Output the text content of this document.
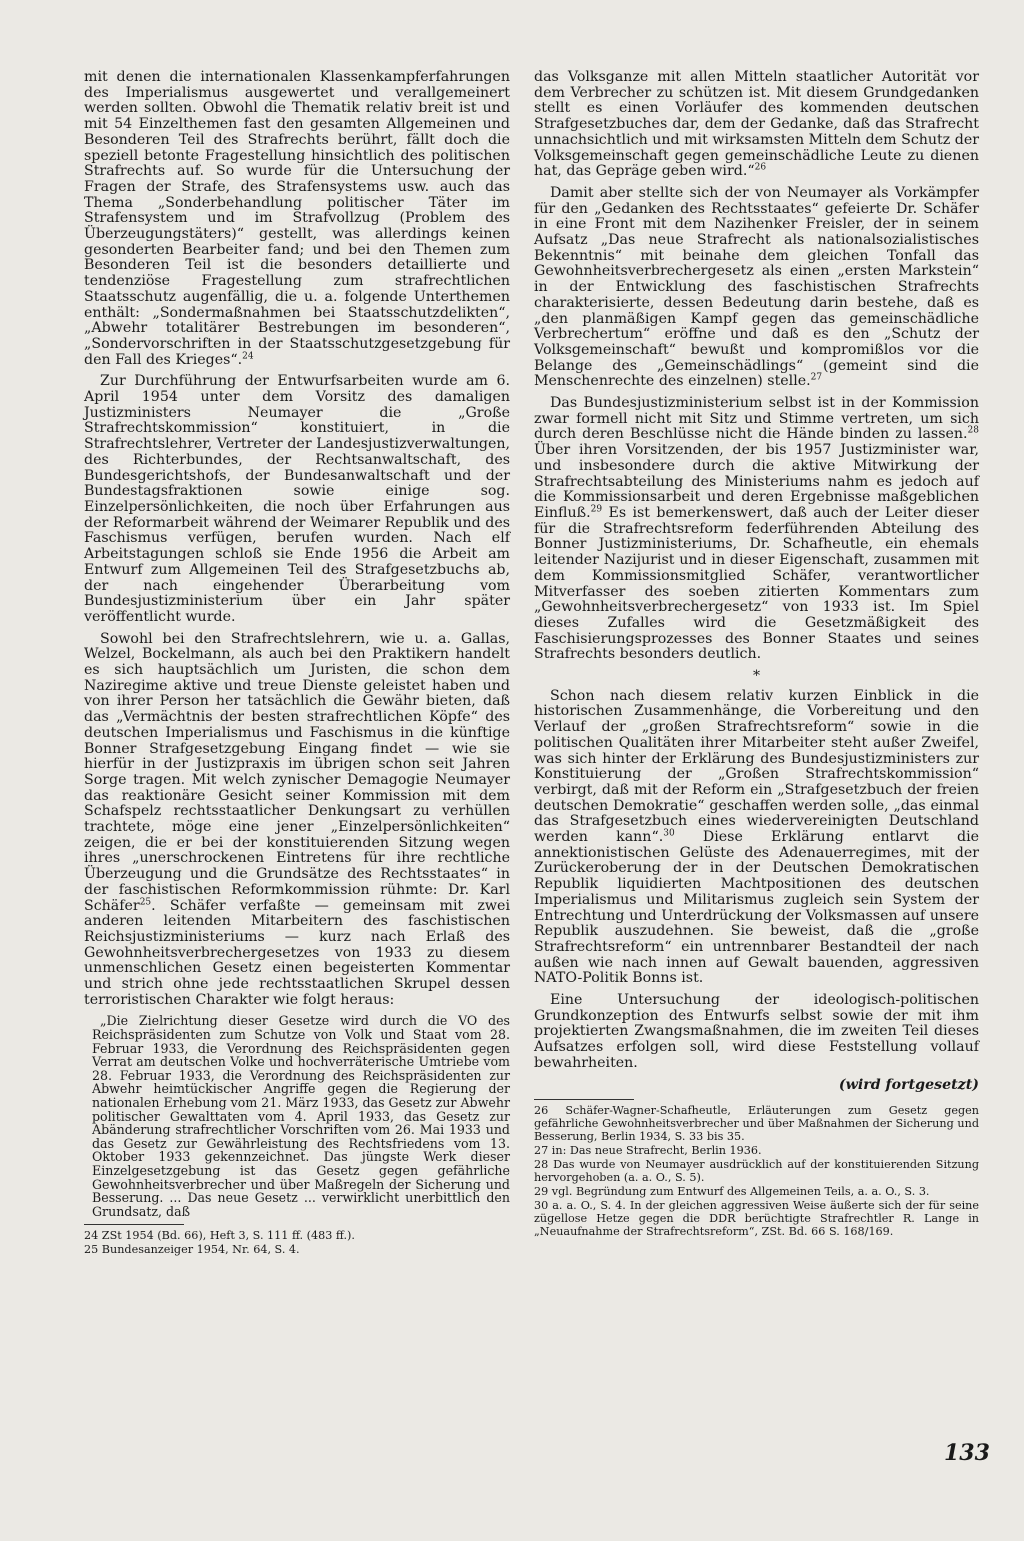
mit denen die internationalen Klassenkampferfahrungen des Imperialismus ausgewertet und verallgemeinert werden sollten. Obwohl die Thematik relativ breit ist und mit 54 Einzelthemen fast den gesamten Allgemeinen und Besonderen Teil des Strafrechts berührt, fällt doch die speziell betonte Fragestellung hinsichtlich des politischen Strafrechts auf. So wurde für die Untersuchung der Fragen der Strafe, des Strafensystems usw. auch das Thema „Sonderbehandlung politischer Täter im Strafensystem und im Strafvollzug (Problem des Überzeugungstäters)“ gestellt, was allerdings keinen gesonderten Bearbeiter fand; und bei den Themen zum Besonderen Teil ist die besonders detaillierte und tendenziöse Fragestellung zum strafrechtlichen Staatsschutz augenfällig, die u. a. folgende Unterthemen enthält: „Sondermaßnahmen bei Staatsschutzdelikten“, „Abwehr totalitärer Bestrebungen im besonderen“, „Sondervorschriften in der Staatsschutzgesetzgebung für den Fall des Krieges“.$^{24}$

Zur Durchführung der Entwurfsarbeiten wurde am 6. April 1954 unter dem Vorsitz des damaligen Justizministers Neumayer die „Große Strafrechtskommission“ konstituiert, in die Strafrechtslehrer, Vertreter der Landesjustizverwaltungen, des Richterbundes, der Rechtsanwaltschaft, des Bundesgerichtshofs, der Bundesanwaltschaft und der Bundestagsfraktionen sowie einige sog. Einzelpersönlichkeiten, die noch über Erfahrungen aus der Reformarbeit während der Weimarer Republik und des Faschismus verfügen, berufen wurden. Nach elf Arbeitstagungen schloß sie Ende 1956 die Arbeit am Entwurf zum Allgemeinen Teil des Strafgesetzbuchs ab, der nach eingehender Überarbeitung vom Bundesjustizministerium über ein Jahr später veröffentlicht wurde.

Sowohl bei den Strafrechtslehrern, wie u. a. Gallas, Welzel, Bockelmann, als auch bei den Praktikern handelt es sich hauptsächlich um Juristen, die schon dem Naziregime aktive und treue Dienste geleistet haben und von ihrer Person her tatsächlich die Gewähr bieten, daß das „Vermächtnis der besten strafrechtlichen Köpfe“ des deutschen Imperialismus und Faschismus in die künftige Bonner Strafgesetzgebung Eingang findet — wie sie hierfür in der Justizpraxis im übrigen schon seit Jahren Sorge tragen. Mit welch zynischer Demagogie Neumayer das reaktionäre Gesicht seiner Kommission mit dem Schafspelz rechtsstaatlicher Denkungsart zu verhüllen trachtete, möge eine jener „Einzelpersönlichkeiten“ zeigen, die er bei der konstituierenden Sitzung wegen ihres „unerschrockenen Eintretens für ihre rechtliche Überzeugung und die Grundsätze des Rechtsstaates“ in der faschistischen Reformkommission rühmte: Dr. Karl Schäfer$^{25}$. Schäfer verfaßte — gemeinsam mit zwei anderen leitenden Mitarbeitern des faschistischen Reichsjustizministeriums — kurz nach Erlaß des Gewohnheitsverbrechergesetzes von 1933 zu diesem unmenschlichen Gesetz einen begeisterten Kommentar und strich ohne jede rechtsstaatlichen Skrupel dessen terroristischen Charakter wie folgt heraus:

„Die Zielrichtung dieser Gesetze wird durch die VO des Reichspräsidenten zum Schutze von Volk und Staat vom 28. Februar 1933, die Verordnung des Reichspräsidenten gegen Verrat am deutschen Volke und hochverräterische Umtriebe vom 28. Februar 1933, die Verordnung des Reichspräsidenten zur Abwehr heimtückischer Angriffe gegen die Regierung der nationalen Erhebung vom 21. März 1933, das Gesetz zur Abwehr politischer Gewalttaten vom 4. April 1933, das Gesetz zur Abänderung strafrechtlicher Vorschriften vom 26. Mai 1933 und das Gesetz zur Gewährleistung des Rechtsfriedens vom 13. Oktober 1933 gekennzeichnet. Das jüngste Werk dieser Einzelgesetzgebung ist das Gesetz gegen gefährliche Gewohnheitsverbrecher und über Maßregeln der Sicherung und Besserung. ... Das neue Gesetz ... verwirklicht unerbittlich den Grundsatz, daß

24 ZSt 1954 (Bd. 66), Heft 3, S. 111 ff. (483 ff.).

25 Bundesanzeiger 1954, Nr. 64, S. 4.

das Volksganze mit allen Mitteln staatlicher Autorität vor dem Verbrecher zu schützen ist. Mit diesem Grundgedanken stellt es einen Vorläufer des kommenden deutschen Strafgesetzbuches dar, dem der Gedanke, daß das Strafrecht unnachsichtlich und mit wirksamsten Mitteln dem Schutz der Volksgemeinschaft gegen gemeinschädliche Leute zu dienen hat, das Gepräge geben wird.“$^{26}$

Damit aber stellte sich der von Neumayer als Vorkämpfer für den „Gedanken des Rechtsstaates“ gefeierte Dr. Schäfer in eine Front mit dem Nazihenker Freisler, der in seinem Aufsatz „Das neue Strafrecht als nationalsozialistisches Bekenntnis“ mit beinahe dem gleichen Tonfall das Gewohnheitsverbrechergesetz als einen „ersten Markstein“ in der Entwicklung des faschistischen Strafrechts charakterisierte, dessen Bedeutung darin bestehe, daß es „den planmäßigen Kampf gegen das gemeinschädliche Verbrechertum“ eröffne und daß es den „Schutz der Volksgemeinschaft“ bewußt und kompromißlos vor die Belange des „Gemeinschädlings“ (gemeint sind die Menschenrechte des einzelnen) stelle.$^{27}$

Das Bundesjustizministerium selbst ist in der Kommission zwar formell nicht mit Sitz und Stimme vertreten, um sich durch deren Beschlüsse nicht die Hände binden zu lassen.$^{28}$ Über ihren Vorsitzenden, der bis 1957 Justizminister war, und insbesondere durch die aktive Mitwirkung der Strafrechtsabteilung des Ministeriums nahm es jedoch auf die Kommissionsarbeit und deren Ergebnisse maßgeblichen Einfluß.$^{29}$ Es ist bemerkenswert, daß auch der Leiter dieser für die Strafrechtsreform federführenden Abteilung des Bonner Justizministeriums, Dr. Schafheutle, ein ehemals leitender Nazijurist und in dieser Eigenschaft, zusammen mit dem Kommissionsmitglied Schäfer, verantwortlicher Mitverfasser des soeben zitierten Kommentars zum „Gewohnheitsverbrechergesetz“ von 1933 ist. Im Spiel dieses Zufalles wird die Gesetzmäßigkeit des Faschisierungsprozesses des Bonner Staates und seines Strafrechts besonders deutlich.

*

Schon nach diesem relativ kurzen Einblick in die historischen Zusammenhänge, die Vorbereitung und den Verlauf der „großen Strafrechtsreform“ sowie in die politischen Qualitäten ihrer Mitarbeiter steht außer Zweifel, was sich hinter der Erklärung des Bundesjustizministers zur Konstituierung der „Großen Strafrechtskommission“ verbirgt, daß mit der Reform ein „Strafgesetzbuch der freien deutschen Demokratie“ geschaffen werden solle, „das einmal das Strafgesetzbuch eines wiedervereinigten Deutschland werden kann“.$^{30}$ Diese Erklärung entlarvt die annektionistischen Gelüste des Adenauerregimes, mit der Zurückeroberung der in der Deutschen Demokratischen Republik liquidierten Machtpositionen des deutschen Imperialismus und Militarismus zugleich sein System der Entrechtung und Unterdrückung der Volksmassen auf unsere Republik auszudehnen. Sie beweist, daß die „große Strafrechtsreform“ ein untrennbarer Bestandteil der nach außen wie nach innen auf Gewalt bauenden, aggressiven NATO-Politik Bonns ist.

Eine Untersuchung der ideologisch-politischen Grundkonzeption des Entwurfs selbst sowie der mit ihm projektierten Zwangsmaßnahmen, die im zweiten Teil dieses Aufsatzes erfolgen soll, wird diese Feststellung vollauf bewahrheiten.

(wird fortgesetzt)

26 Schäfer-Wagner-Schafheutle, Erläuterungen zum Gesetz gegen gefährliche Gewohnheitsverbrecher und über Maßnahmen der Sicherung und Besserung, Berlin 1934, S. 33 bis 35.

27 in: Das neue Strafrecht, Berlin 1936.

28 Das wurde von Neumayer ausdrücklich auf der konstituierenden Sitzung hervorgehoben (a. a. O., S. 5).

29 vgl. Begründung zum Entwurf des Allgemeinen Teils, a. a. O., S. 3.

30 a. a. O., S. 4. In der gleichen aggressiven Weise äußerte sich der für seine zügellose Hetze gegen die DDR berüchtigte Strafrechtler R. Lange in „Neuaufnahme der Strafrechtsreform“, ZSt. Bd. 66 S. 168/169.

133
